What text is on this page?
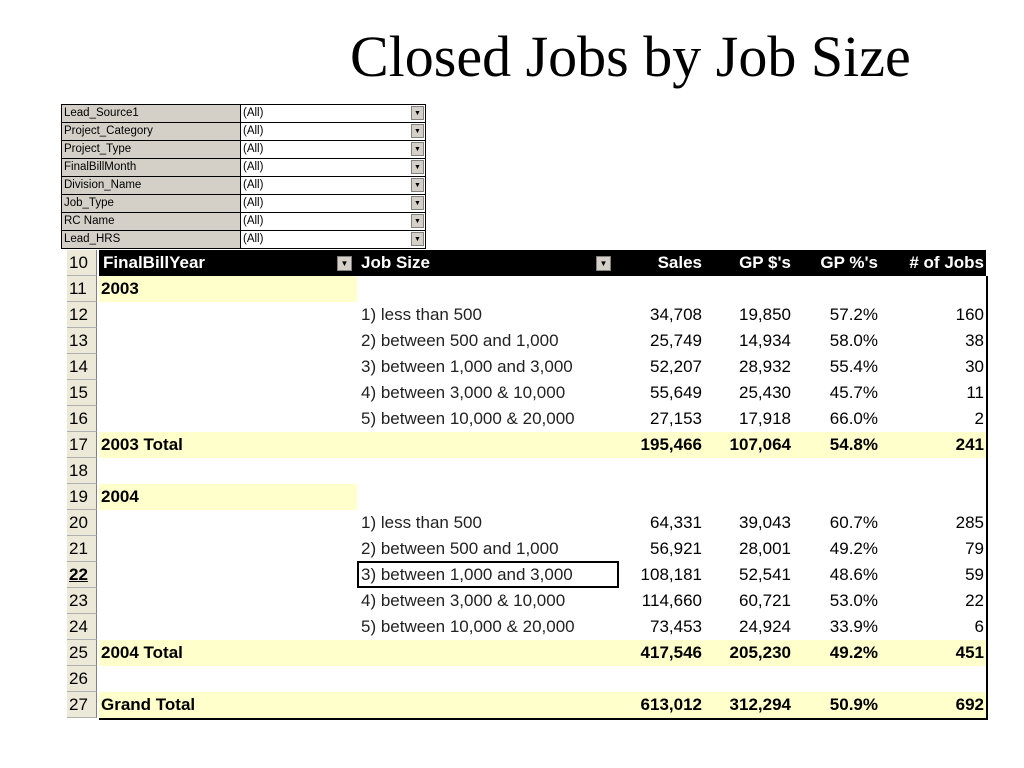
Closed Jobs by Job Size
Lead_Source1	(All)	▼
Project_Category	(All)	▼
Project_Type	(All)	▼
FinalBillMonth	(All)	▼
Division_Name	(All)	▼
Job_Type	(All)	▼
RC Name	(All)	▼
Lead_HRS	(All)	▼
10 FinalBillYear	▼ Job Size	▼	Sales	GP $'s	GP %'s	# of Jobs
11 2003
12	1) less than 500	34,708	19,850	57.2%	160
13	2) between 500 and 1,000	25,749	14,934	58.0%	38
14	3) between 1,000 and 3,000	52,207	28,932	55.4%	30
15	4) between 3,000 & 10,000	55,649	25,430	45.7%	11
16	5) between 10,000 & 20,000	27,153	17,918	66.0%	2
17 2003 Total	195,466	107,064	54.8%	241
18
19 2004
20	1) less than 500	64,331	39,043	60.7%	285
21	2) between 500 and 1,000	56,921	28,001	49.2%	79
22	3) between 1,000 and 3,000	108,181	52,541	48.6%	59
23	4) between 3,000 & 10,000	114,660	60,721	53.0%	22
24	5) between 10,000 & 20,000	73,453	24,924	33.9%	6
25 2004 Total	417,546	205,230	49.2%	451
26
27 Grand Total	613,012	312,294	50.9%	692
